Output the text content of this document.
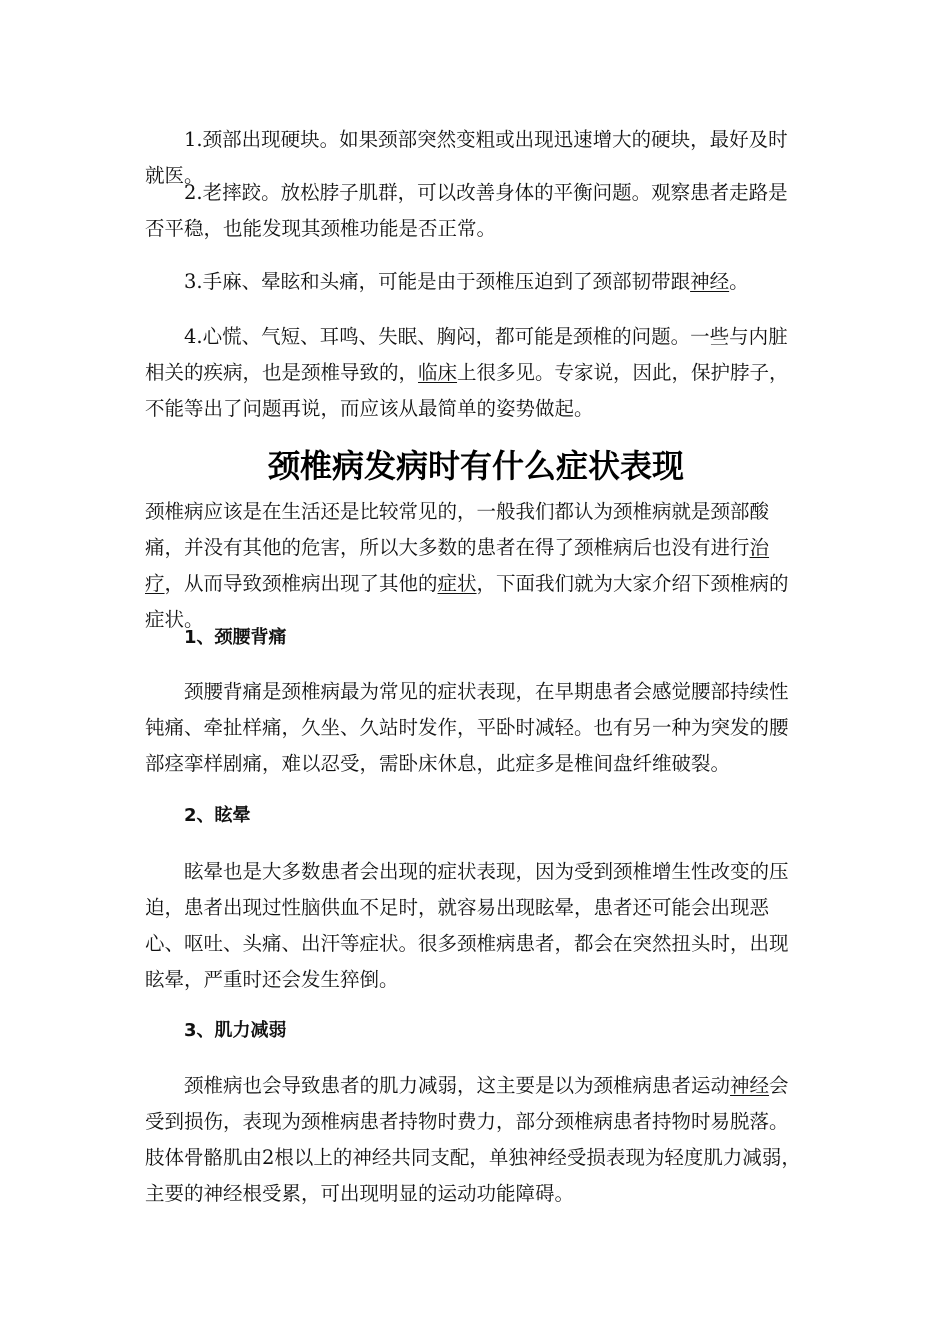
1.颈部出现硬块。如果颈部突然变粗或出现迅速增大的硬块，最好及时就医。

2.老摔跤。放松脖子肌群，可以改善身体的平衡问题。观察患者走路是否平稳，也能发现其颈椎功能是否正常。

3.手麻、晕眩和头痛，可能是由于颈椎压迫到了颈部韧带跟神经。

4.心慌、气短、耳鸣、失眠、胸闷，都可能是颈椎的问题。一些与内脏相关的疾病，也是颈椎导致的，临床上很多见。专家说，因此，保护脖子，不能等出了问题再说，而应该从最简单的姿势做起。

颈椎病发病时有什么症状表现

颈椎病应该是在生活还是比较常见的，一般我们都认为颈椎病就是颈部酸痛，并没有其他的危害，所以大多数的患者在得了颈椎病后也没有进行治疗，从而导致颈椎病出现了其他的症状，下面我们就为大家介绍下颈椎病的症状。

1、颈腰背痛

颈腰背痛是颈椎病最为常见的症状表现，在早期患者会感觉腰部持续性钝痛、牵扯样痛，久坐、久站时发作，平卧时减轻。也有另一种为突发的腰部痉挛样剧痛，难以忍受，需卧床休息，此症多是椎间盘纤维破裂。

2、眩晕

眩晕也是大多数患者会出现的症状表现，因为受到颈椎增生性改变的压迫，患者出现过性脑供血不足时，就容易出现眩晕，患者还可能会出现恶心、呕吐、头痛、出汗等症状。很多颈椎病患者，都会在突然扭头时，出现眩晕，严重时还会发生猝倒。

3、肌力减弱

颈椎病也会导致患者的肌力减弱，这主要是以为颈椎病患者运动神经会受到损伤，表现为颈椎病患者持物时费力，部分颈椎病患者持物时易脱落。肢体骨骼肌由2根以上的神经共同支配，单独神经受损表现为轻度肌力减弱，主要的神经根受累，可出现明显的运动功能障碍。
